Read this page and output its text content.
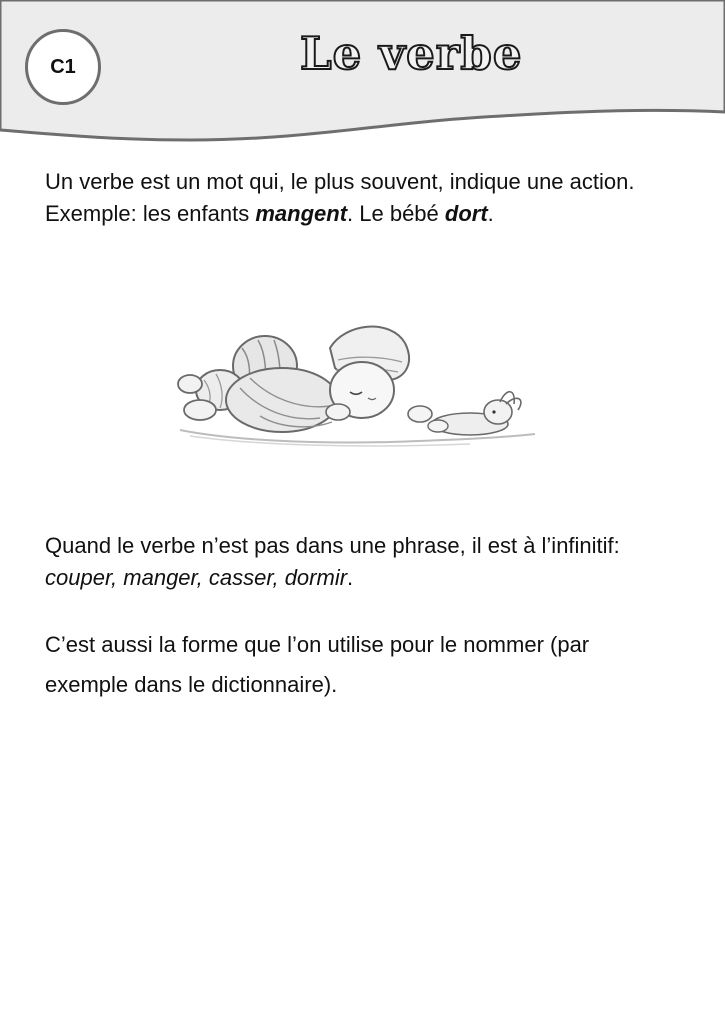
C1	Le verbe

Un verbe est un mot qui, le plus souvent, indique une action.
Exemple: les enfants mangent. Le bébé dort.

Quand le verbe n’est pas dans une phrase, il est à l’infinitif: couper, manger, casser, dormir.

C’est aussi la forme que l’on utilise pour le nommer (par exemple dans le dictionnaire).
